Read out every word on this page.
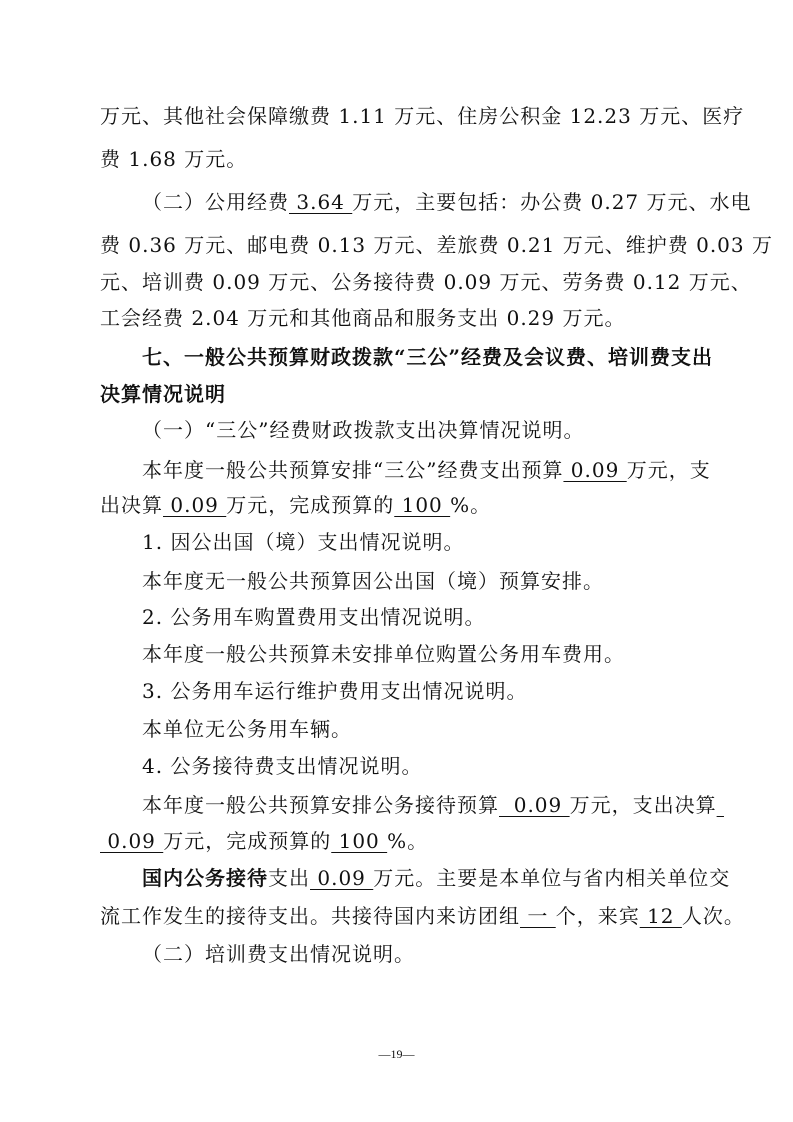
万元、其他社会保障缴费 1.11 万元、住房公积金 12.23 万元、医疗
费 1.68 万元。
（二）公用经费 3.64 万元，主要包括：办公费 0.27 万元、水电
费 0.36 万元、邮电费 0.13 万元、差旅费 0.21 万元、维护费 0.03 万
元、培训费 0.09 万元、公务接待费 0.09 万元、劳务费 0.12 万元、
工会经费 2.04 万元和其他商品和服务支出 0.29 万元。
七、一般公共预算财政拨款“三公”经费及会议费、培训费支出
决算情况说明
（一）“三公”经费财政拨款支出决算情况说明。
本年度一般公共预算安排“三公”经费支出预算 0.09 万元，支
出决算 0.09 万元，完成预算的 100 %。
1. 因公出国（境）支出情况说明。
本年度无一般公共预算因公出国（境）预算安排。
2. 公务用车购置费用支出情况说明。
本年度一般公共预算未安排单位购置公务用车费用。
3. 公务用车运行维护费用支出情况说明。
本单位无公务用车辆。
4. 公务接待费支出情况说明。
本年度一般公共预算安排公务接待预算  0.09 万元，支出决算
0.09 万元，完成预算的 100 %。
国内公务接待支出 0.09 万元。主要是本单位与省内相关单位交
流工作发生的接待支出。共接待国内来访团组 一 个，来宾 12 人次。
（二）培训费支出情况说明。
—19—
